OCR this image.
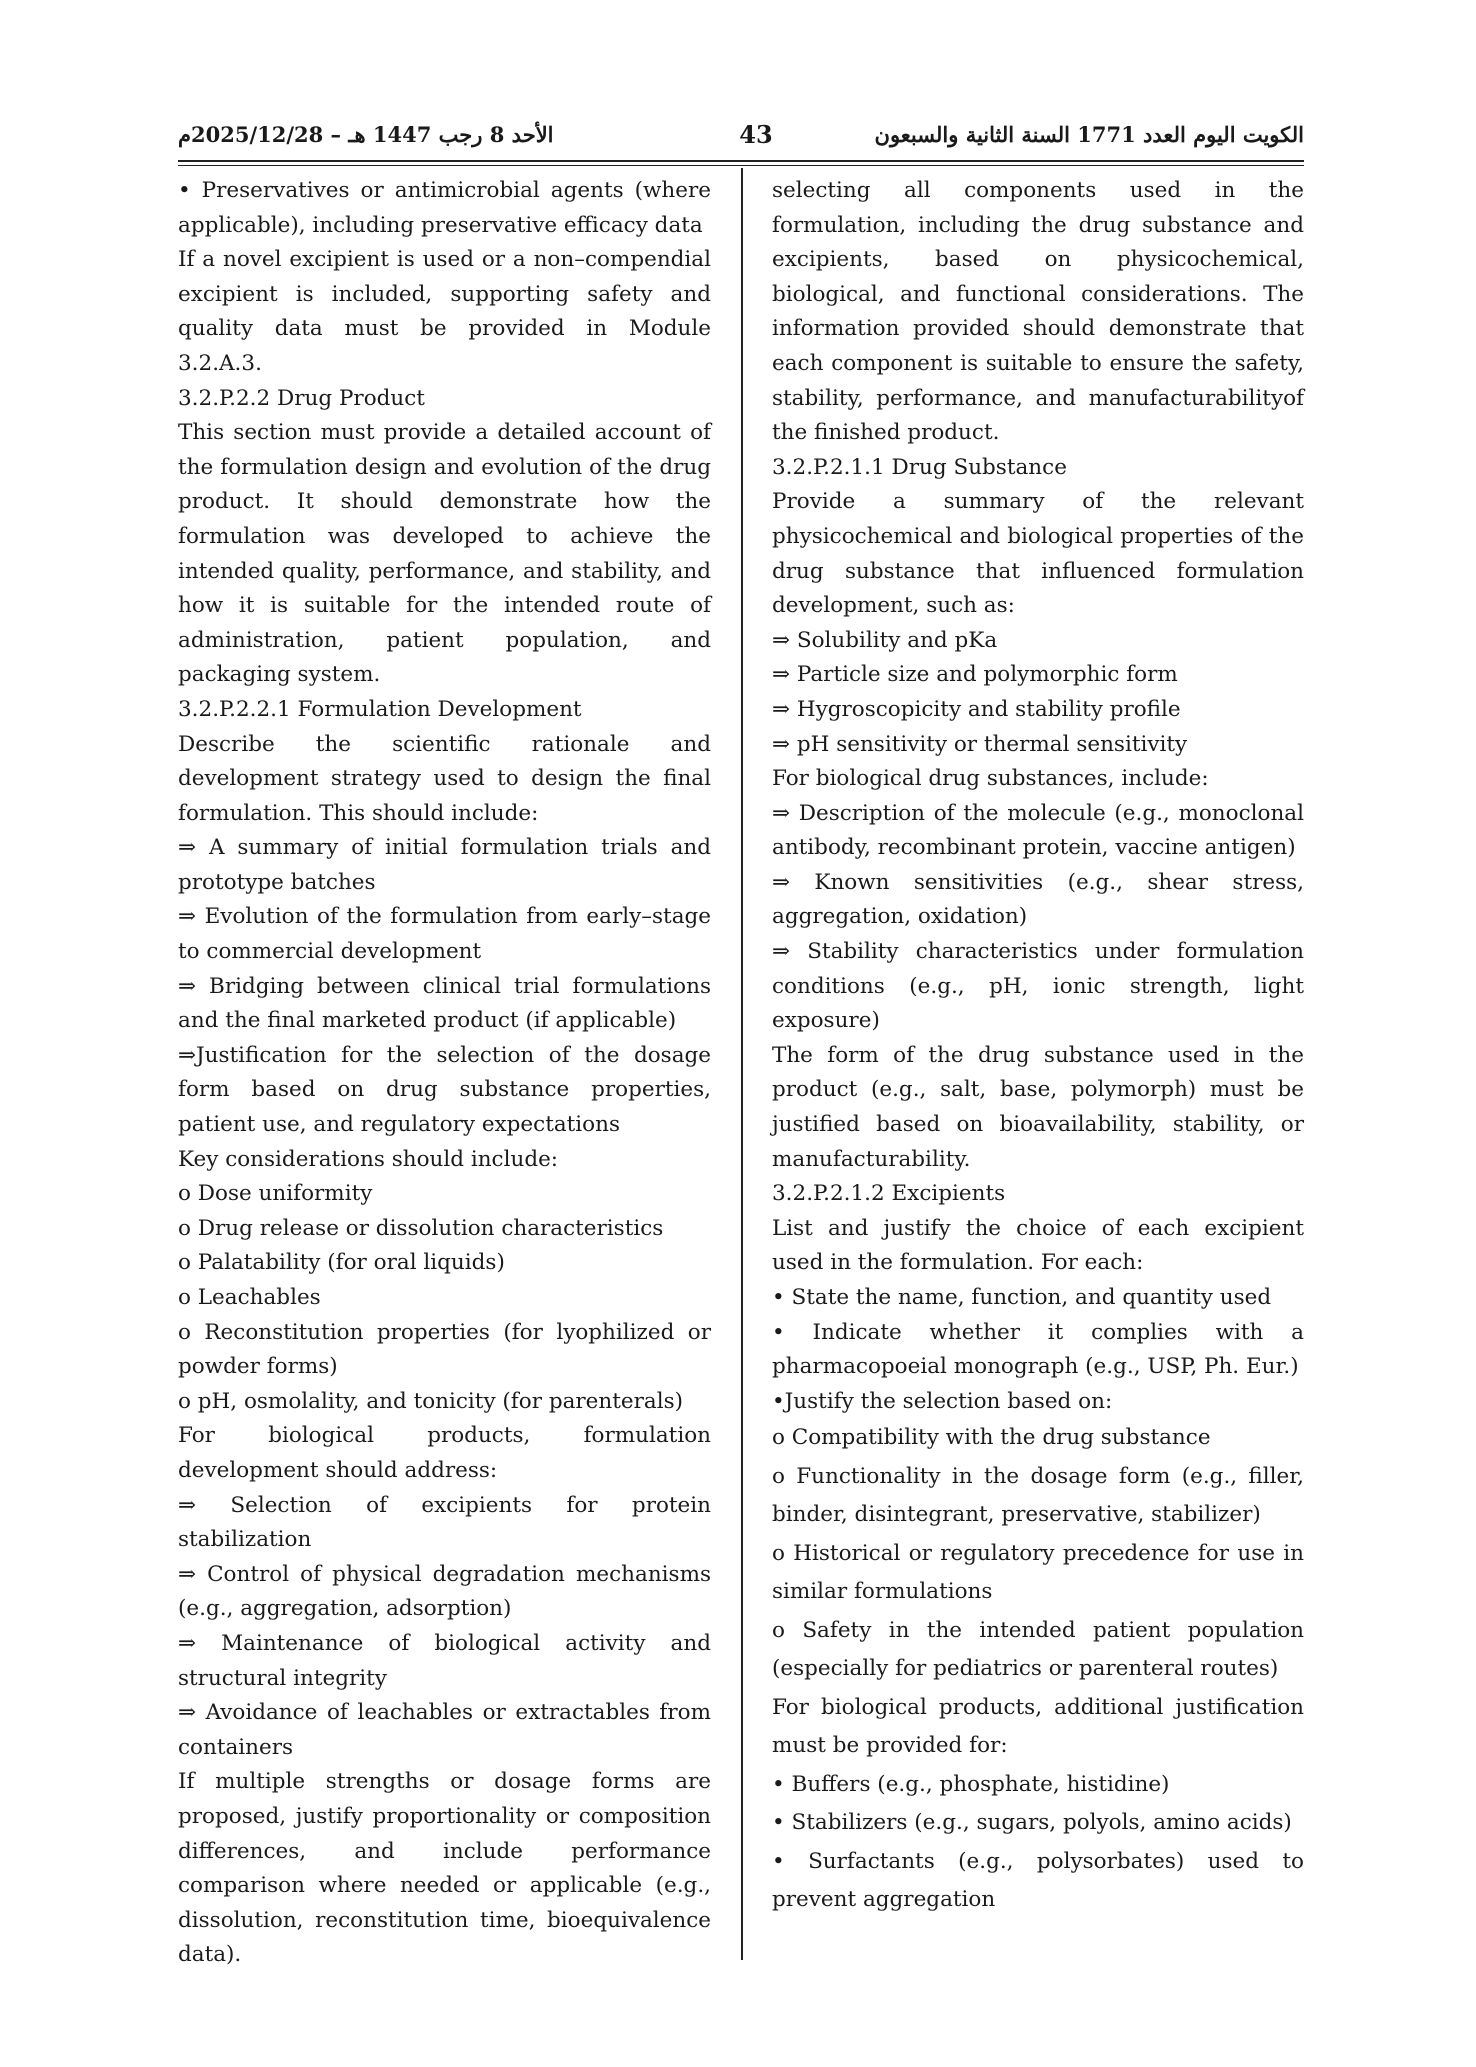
الأحد 8 رجب 1447 هـ – 2025/12/28م	43	الكويت اليوم العدد 1771 السنة الثانية والسبعون

• Preservatives or antimicrobial agents (where applicable), including preservative efficacy data

If a novel excipient is used or a non–compendial excipient is included, supporting safety and quality data must be provided in Module 3.2.A.3.

3.2.P.2.2 Drug Product

This section must provide a detailed account of the formulation design and evolution of the drug product. It should demonstrate how the formulation was developed to achieve the intended quality, performance, and stability, and how it is suitable for the intended route of administration, patient population, and packaging system.

3.2.P.2.2.1 Formulation Development

Describe the scientific rationale and development strategy used to design the final formulation. This should include:

⇒ A summary of initial formulation trials and prototype batches

⇒ Evolution of the formulation from early–stage to commercial development

⇒ Bridging between clinical trial formulations and the final marketed product (if applicable)

⇒Justification for the selection of the dosage form based on drug substance properties, patient use, and regulatory expectations

Key considerations should include:

o Dose uniformity

o Drug release or dissolution characteristics

o Palatability (for oral liquids)

o Leachables

o Reconstitution properties (for lyophilized or powder forms)

o pH, osmolality, and tonicity (for parenterals)

For biological products, formulation development should address:

⇒ Selection of excipients for protein stabilization

⇒ Control of physical degradation mechanisms (e.g., aggregation, adsorption)

⇒ Maintenance of biological activity and structural integrity

⇒ Avoidance of leachables or extractables from containers

If multiple strengths or dosage forms are proposed, justify proportionality or composition differences, and include performance comparison where needed or applicable (e.g., dissolution, reconstitution time, bioequivalence data).

selecting all components used in the formulation, including the drug substance and excipients, based on physicochemical, biological, and functional considerations. The information provided should demonstrate that each component is suitable to ensure the safety, stability, performance, and manufacturabilityof the finished product.

3.2.P.2.1.1 Drug Substance

Provide a summary of the relevant physicochemical and biological properties of the drug substance that influenced formulation development, such as:

⇒ Solubility and pKa

⇒ Particle size and polymorphic form

⇒ Hygroscopicity and stability profile

⇒ pH sensitivity or thermal sensitivity

For biological drug substances, include:

⇒ Description of the molecule (e.g., monoclonal antibody, recombinant protein, vaccine antigen)

⇒ Known sensitivities (e.g., shear stress, aggregation, oxidation)

⇒ Stability characteristics under formulation conditions (e.g., pH, ionic strength, light exposure)

The form of the drug substance used in the product (e.g., salt, base, polymorph) must be justified based on bioavailability, stability, or manufacturability.

3.2.P.2.1.2 Excipients

List and justify the choice of each excipient used in the formulation. For each:

• State the name, function, and quantity used

• Indicate whether it complies with a pharmacopoeial monograph (e.g., USP, Ph. Eur.)

•Justify the selection based on:

o Compatibility with the drug substance

o Functionality in the dosage form (e.g., filler, binder, disintegrant, preservative, stabilizer)

o Historical or regulatory precedence for use in similar formulations

o Safety in the intended patient population (especially for pediatrics or parenteral routes)

For biological products, additional justification must be provided for:

• Buffers (e.g., phosphate, histidine)

• Stabilizers (e.g., sugars, polyols, amino acids)

• Surfactants (e.g., polysorbates) used to prevent aggregation
